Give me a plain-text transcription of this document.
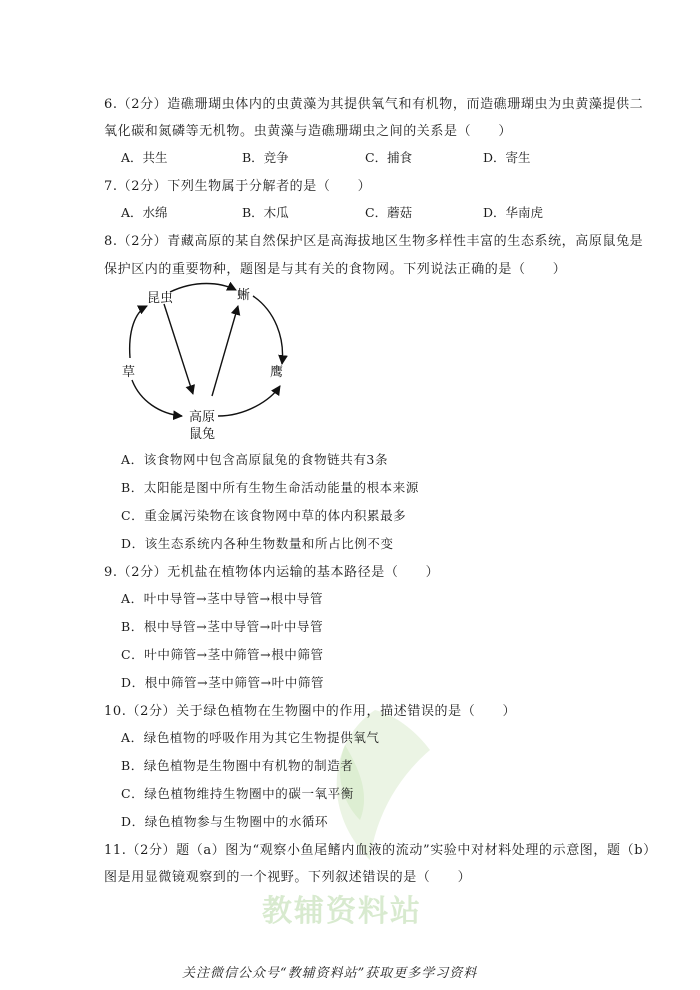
6.（2分）造礁珊瑚虫体内的虫黄藻为其提供氧气和有机物，而造礁珊瑚虫为虫黄藻提供二
氧化碳和氮磷等无机物。虫黄藻与造礁珊瑚虫之间的关系是（　　）
A．共生	B．竞争	C．捕食	D．寄生
7.（2分）下列生物属于分解者的是（　　）
A．水绵	B．木瓜	C．蘑菇	D．华南虎
8.（2分）青藏高原的某自然保护区是高海拔地区生物多样性丰富的生态系统，高原鼠兔是
保护区内的重要物种，题图是与其有关的食物网。下列说法正确的是（　　）
昆虫	蜥
草	鹰
高原
鼠兔
A．该食物网中包含高原鼠兔的食物链共有3条
B．太阳能是图中所有生物生命活动能量的根本来源
C．重金属污染物在该食物网中草的体内积累最多
D．该生态系统内各种生物数量和所占比例不变
9.（2分）无机盐在植物体内运输的基本路径是（　　）
A．叶中导管→茎中导管→根中导管
B．根中导管→茎中导管→叶中导管
C．叶中筛管→茎中筛管→根中筛管
D．根中筛管→茎中筛管→叶中筛管
10.（2分）关于绿色植物在生物圈中的作用，描述错误的是（　　）
A．绿色植物的呼吸作用为其它生物提供氧气
B．绿色植物是生物圈中有机物的制造者
C．绿色植物维持生物圈中的碳一氧平衡
D．绿色植物参与生物圈中的水循环
11.（2分）题（a）图为“观察小鱼尾鳍内血液的流动”实验中对材料处理的示意图，题（b）
图是用显微镜观察到的一个视野。下列叙述错误的是（　　）
教辅资料站
关注微信公众号“教辅资料站”获取更多学习资料
